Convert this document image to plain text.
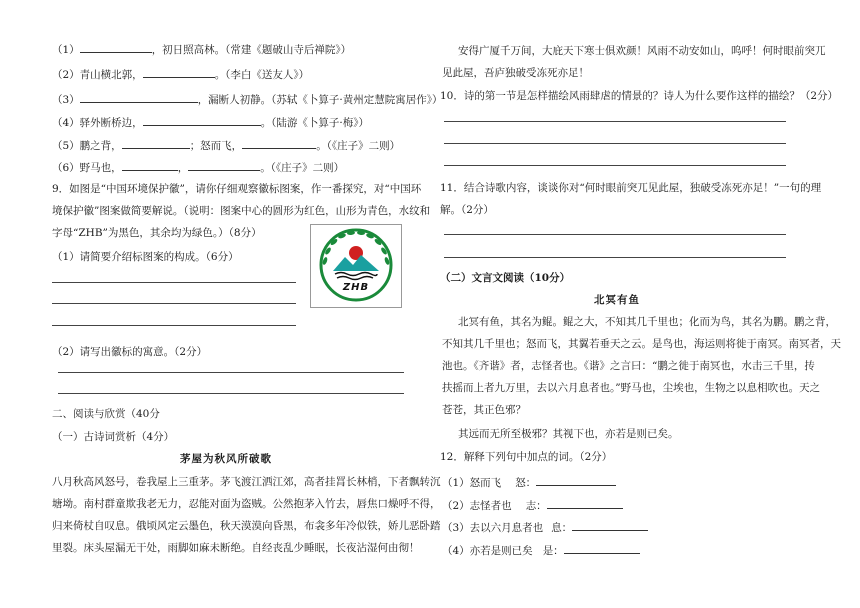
（1）	，初日照高林。（常建《题破山寺后禅院》）
（2）青山横北郭，	。（李白《送友人》）
（3）	，漏断人初静。（苏轼《卜算子·黄州定慧院寓居作》）
（4）驿外断桥边，	。（陆游《卜算子·梅》）
（5）鹏之背，	；怒而飞，	。（《庄子》二则）
（6）野马也，	，	。（《庄子》二则）
9．如图是“中国环境保护徽”，请你仔细观察徽标图案，作一番探究，对“中国环
境保护徽”图案做简要解说。（说明：图案中心的圆形为红色，山形为青色，水纹和
字母“ZHB”为黑色，其余均为绿色。）（8分）
（1）请简要介绍标图案的构成。（6分）
（2）请写出徽标的寓意。（2分）
二、阅读与欣赏（40分
（一）古诗词赏析（4分）
茅屋为秋风所破歌
八月秋高风怒号，卷我屋上三重茅。茅飞渡江洒江郊，高者挂罥长林梢，下者飘转沉
塘坳。南村群童欺我老无力，忍能对面为盗贼。公然抱茅入竹去，唇焦口燥呼不得，
归来倚杖自叹息。俄顷风定云墨色，秋天漠漠向昏黑，布衾多年冷似铁，娇儿恶卧踏
里裂。床头屋漏无干处，雨脚如麻未断绝。自经丧乱少睡眠，长夜沾湿何由彻！
ZHB
安得广厦千万间，大庇天下寒士俱欢颜！风雨不动安如山，呜呼！何时眼前突兀
见此屋，吾庐独破受冻死亦足！
10．诗的第一节是怎样描绘风雨肆虐的情景的？诗人为什么要作这样的描绘？（2分）
11．结合诗歌内容，谈谈你对“何时眼前突兀见此屋，独破受冻死亦足！”一句的理
解。（2分）
（二）文言文阅读（10分）
北冥有鱼
北冥有鱼，其名为鲲。鲲之大，不知其几千里也；化而为鸟，其名为鹏。鹏之背，
不知其几千里也；怒而飞，其翼若垂天之云。是鸟也，海运则将徙于南冥。南冥者，天
池也。《齐谐》者，志怪者也。《谐》之言曰：“鹏之徙于南冥也，水击三千里，抟
扶摇而上者九万里，去以六月息者也。”野马也，尘埃也，生物之以息相吹也。天之
苍苍，其正色邪？
其远而无所至极邪？其视下也，亦若是则已矣。
12．解释下列句中加点的词。（2分）
（1）怒而飞 怒：
（2）志怪者也 志：
（3）去以六月息者也 息：
（4）亦若是则已矣 是：
